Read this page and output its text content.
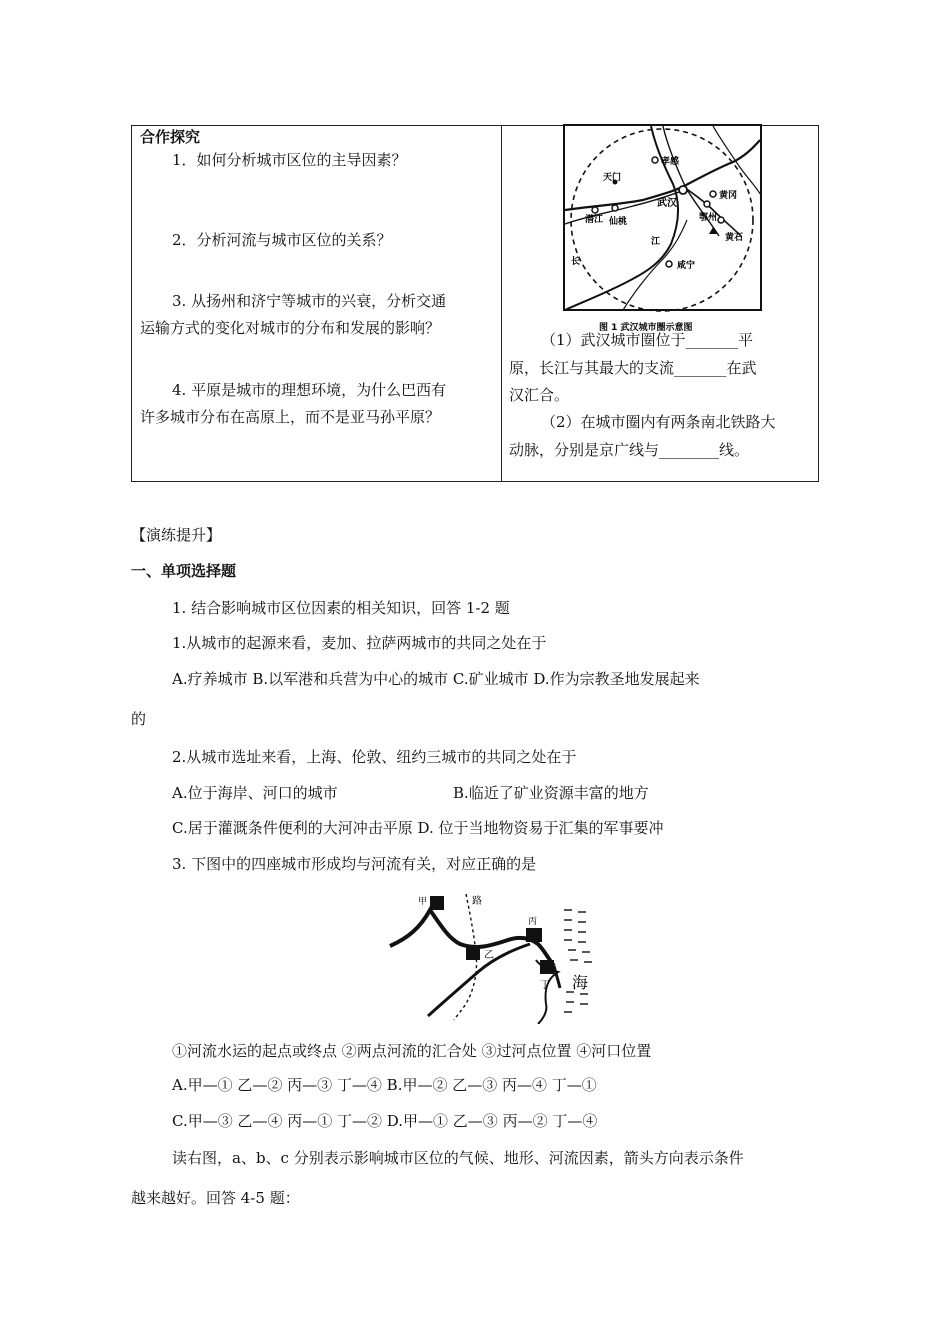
合作探究
1．如何分析城市区位的主导因素？
2．分析河流与城市区位的关系？
3. 从扬州和济宁等城市的兴衰，分析交通
运输方式的变化对城市的分布和发展的影响？
4. 平原是城市的理想环境，为什么巴西有
许多城市分布在高原上，而不是亚马孙平原？
孝感
天门
武汉
黄冈
潜江 仙桃	鄂州
黄石
江
咸宁
长
图 1 武汉城市圈示意图
（1）武汉城市圈位于_______平
原，长江与其最大的支流_______在武
汉汇合。
（2）在城市圈内有两条南北铁路大
动脉，分别是京广线与________线。
【演练提升】
一、单项选择题
1. 结合影响城市区位因素的相关知识，回答 1-2 题
1.从城市的起源来看，麦加、拉萨两城市的共同之处在于
A.疗养城市 B.以军港和兵营为中心的城市 C.矿业城市 D.作为宗教圣地发展起来
的
2.从城市选址来看，上海、伦敦、纽约三城市的共同之处在于
A.位于海岸、河口的城市	B.临近了矿业资源丰富的地方
C.居于灌溉条件便利的大河冲击平原 D. 位于当地物资易于汇集的军事要冲
3. 下图中的四座城市形成均与河流有关，对应正确的是
甲	路
丙
乙
海
丁
①河流水运的起点或终点 ②两点河流的汇合处 ③过河点位置 ④河口位置
A.甲—① 乙—② 丙—③ 丁—④ B.甲—② 乙—③ 丙—④ 丁—①
C.甲—③ 乙—④ 丙—① 丁—② D.甲—① 乙—③ 丙—② 丁—④
读右图，a、b、c 分别表示影响城市区位的气候、地形、河流因素，箭头方向表示条件
越来越好。回答 4-5 题：
